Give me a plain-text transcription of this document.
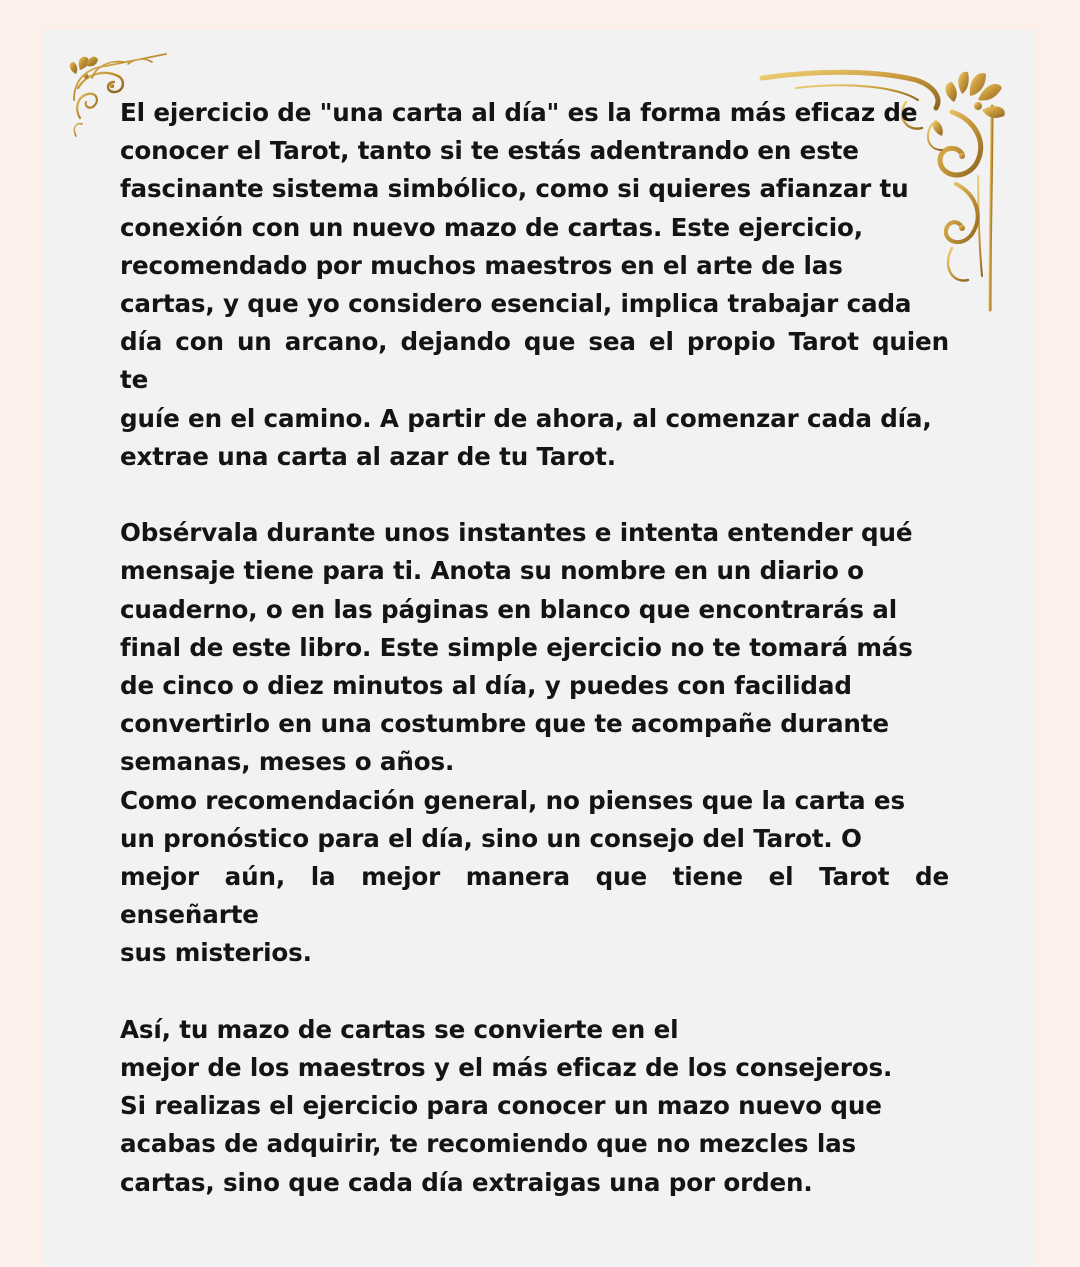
El ejercicio de "una carta al día" es la forma más eficaz de
conocer el Tarot, tanto si te estás adentrando en este
fascinante sistema simbólico, como si quieres afianzar tu
conexión con un nuevo mazo de cartas. Este ejercicio,
recomendado por muchos maestros en el arte de las
cartas, y que yo considero esencial, implica trabajar cada
día con un arcano, dejando que sea el propio Tarot quien
te
guíe en el camino. A partir de ahora, al comenzar cada día,
extrae una carta al azar de tu Tarot.
Obsérvala durante unos instantes e intenta entender qué
mensaje tiene para ti. Anota su nombre en un diario o
cuaderno, o en las páginas en blanco que encontrarás al
final de este libro. Este simple ejercicio no te tomará más
de cinco o diez minutos al día, y puedes con facilidad
convertirlo en una costumbre que te acompañe durante
semanas, meses o años.
Como recomendación general, no pienses que la carta es
un pronóstico para el día, sino un consejo del Tarot. O
mejor aún, la mejor manera que tiene el Tarot de
enseñarte
sus misterios.
Así, tu mazo de cartas se convierte en el
mejor de los maestros y el más eficaz de los consejeros.
Si realizas el ejercicio para conocer un mazo nuevo que
acabas de adquirir, te recomiendo que no mezcles las
cartas, sino que cada día extraigas una por orden.
